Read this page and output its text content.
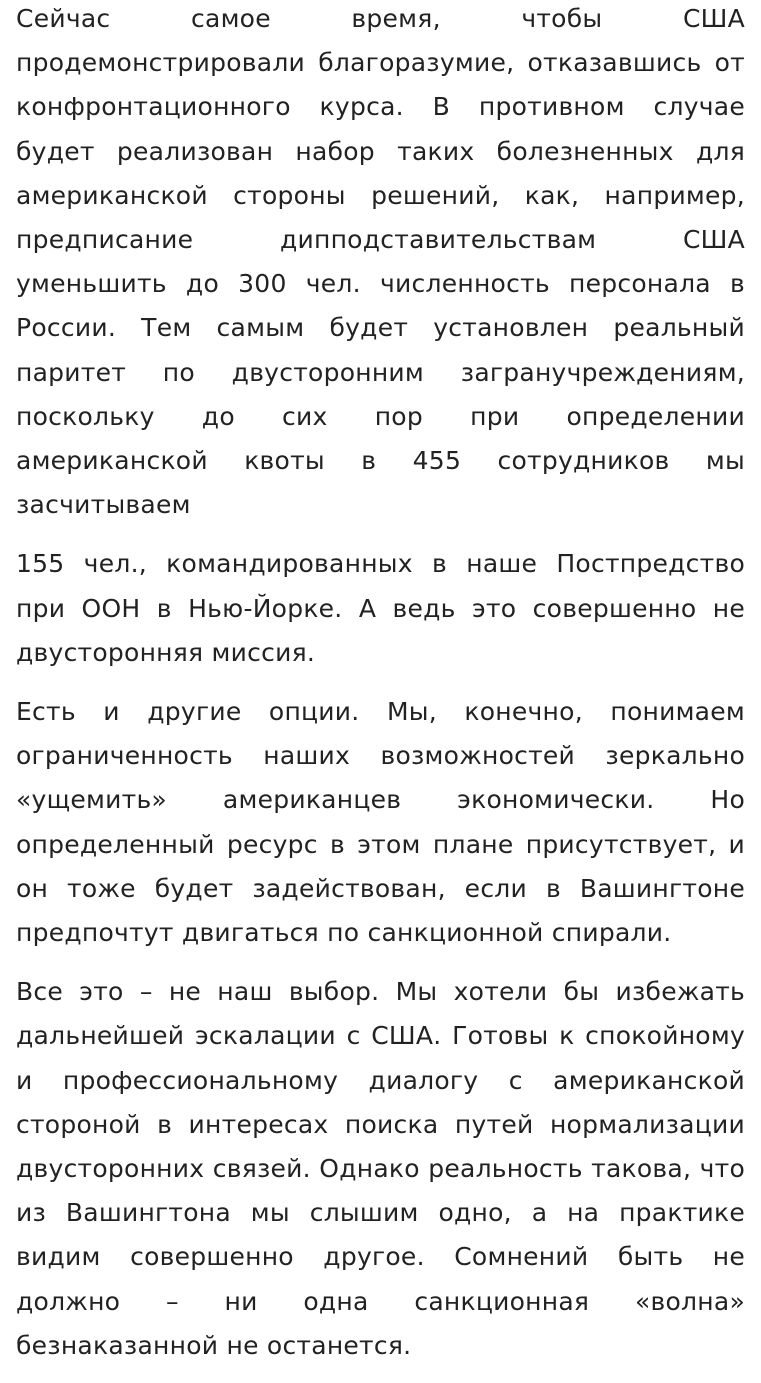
Сейчас самое время, чтобы США продемонстрировали благоразумие, отказавшись от конфронтационного курса. В противном случае будет реализован набор таких болезненных для американской стороны решений, как, например, предписание дипподставительствам США уменьшить до 300 чел. численность персонала в России. Тем самым будет установлен реальный паритет по двусторонним загранучреждениям, поскольку до сих пор при определении американской квоты в 455 сотрудников мы засчитываем

155 чел., командированных в наше Постпредство при ООН в Нью-Йорке. А ведь это совершенно не двусторонняя миссия.

Есть и другие опции. Мы, конечно, понимаем ограниченность наших возможностей зеркально «ущемить» американцев экономически. Но определенный ресурс в этом плане присутствует, и он тоже будет задействован, если в Вашингтоне предпочтут двигаться по санкционной спирали.

Все это – не наш выбор. Мы хотели бы избежать дальнейшей эскалации с США. Готовы к спокойному и профессиональному диалогу с американской стороной в интересах поиска путей нормализации двусторонних связей. Однако реальность такова, что из Вашингтона мы слышим одно, а на практике видим совершенно другое. Сомнений быть не должно – ни одна санкционная «волна» безнаказанной не останется.
